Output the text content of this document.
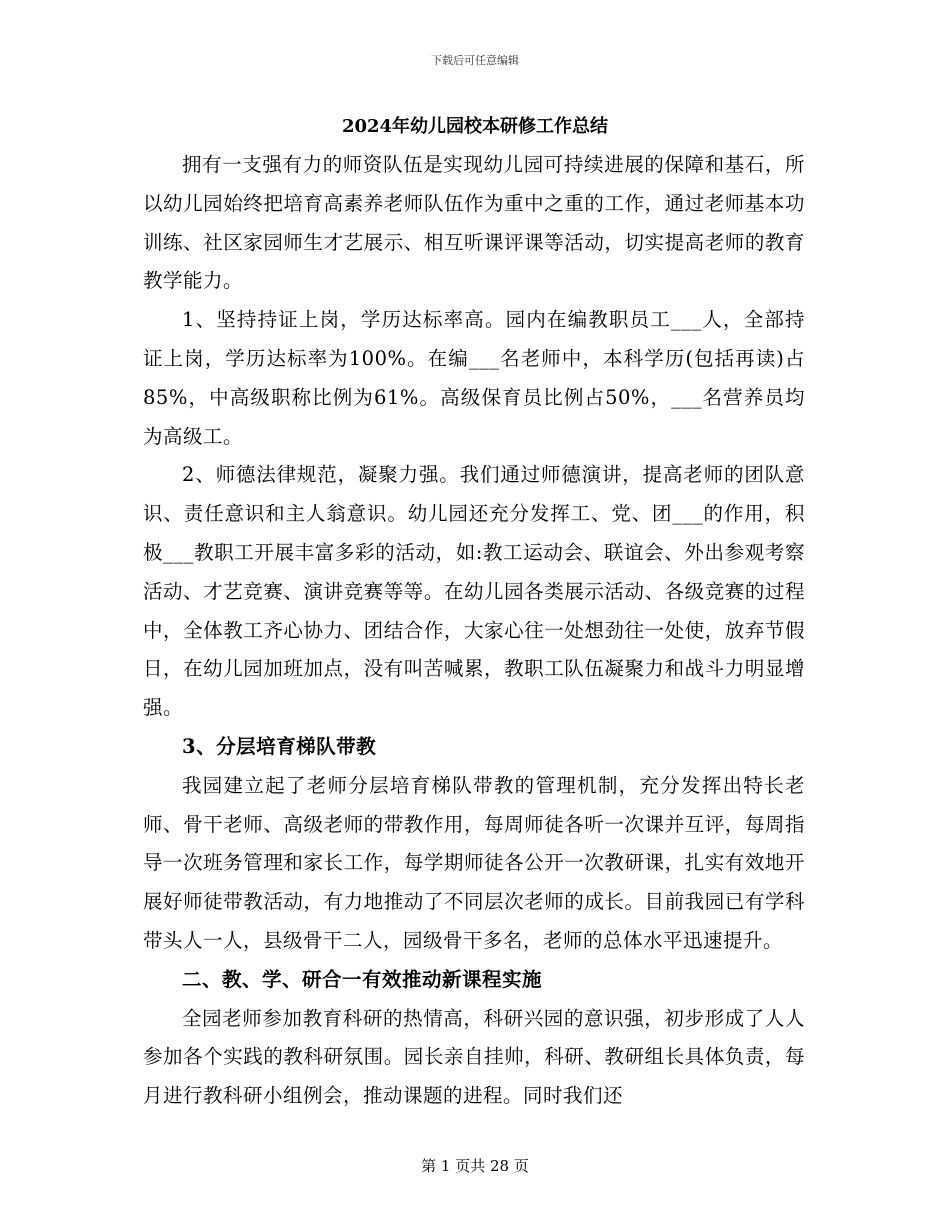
下载后可任意编辑
2024年幼儿园校本研修工作总结

拥有一支强有力的师资队伍是实现幼儿园可持续进展的保障和基石，所以幼儿园始终把培育高素养老师队伍作为重中之重的工作，通过老师基本功训练、社区家园师生才艺展示、相互听课评课等活动，切实提高老师的教育教学能力。

1、坚持持证上岗，学历达标率高。园内在编教职员工___人，全部持证上岗，学历达标率为100%。在编___名老师中，本科学历(包括再读)占85%，中高级职称比例为61%。高级保育员比例占50%，___名营养员均为高级工。

2、师德法律规范，凝聚力强。我们通过师德演讲，提高老师的团队意识、责任意识和主人翁意识。幼儿园还充分发挥工、党、团___的作用，积极___教职工开展丰富多彩的活动，如:教工运动会、联谊会、外出参观考察活动、才艺竞赛、演讲竞赛等等。在幼儿园各类展示活动、各级竞赛的过程中，全体教工齐心协力、团结合作，大家心往一处想劲往一处使，放弃节假日，在幼儿园加班加点，没有叫苦喊累，教职工队伍凝聚力和战斗力明显增强。

3、分层培育梯队带教

我园建立起了老师分层培育梯队带教的管理机制，充分发挥出特长老师、骨干老师、高级老师的带教作用，每周师徒各听一次课并互评，每周指导一次班务管理和家长工作，每学期师徒各公开一次教研课，扎实有效地开展好师徒带教活动，有力地推动了不同层次老师的成长。目前我园已有学科带头人一人，县级骨干二人，园级骨干多名，老师的总体水平迅速提升。

二、教、学、研合一有效推动新课程实施

全园老师参加教育科研的热情高，科研兴园的意识强，初步形成了人人参加各个实践的教科研氛围。园长亲自挂帅，科研、教研组长具体负责，每月进行教科研小组例会，推动课题的进程。同时我们还

第 1 页共 28 页
